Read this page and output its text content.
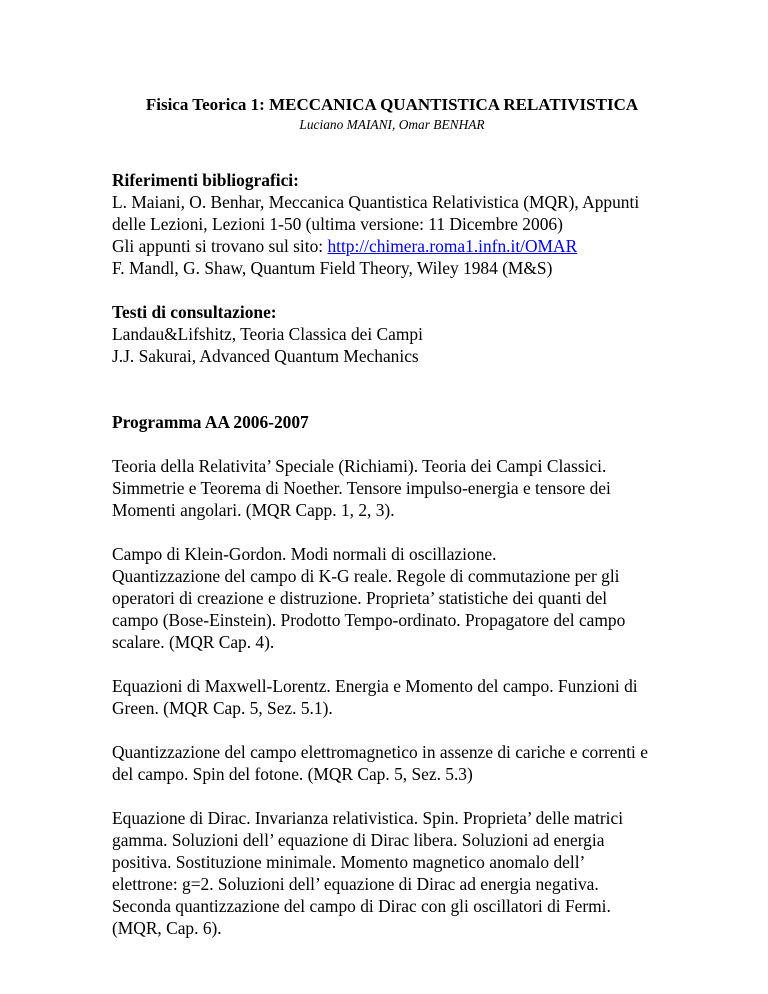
Fisica Teorica 1: MECCANICA QUANTISTICA RELATIVISTICA

Luciano MAIANI, Omar BENHAR

Riferimenti bibliografici:

L. Maiani, O. Benhar, Meccanica Quantistica Relativistica (MQR), Appunti

delle Lezioni, Lezioni 1-50 (ultima versione: 11 Dicembre 2006)

Gli appunti si trovano sul sito: http://chimera.roma1.infn.it/OMAR

F. Mandl, G. Shaw, Quantum Field Theory, Wiley 1984 (M&S)

Testi di consultazione:

Landau&Lifshitz, Teoria Classica dei Campi

J.J. Sakurai, Advanced Quantum Mechanics

Programma AA 2006-2007

Teoria della Relativita’ Speciale (Richiami). Teoria dei Campi Classici.
Simmetrie e Teorema di Noether. Tensore impulso-energia e tensore dei
Momenti angolari. (MQR Capp. 1, 2, 3).
Campo di Klein-Gordon. Modi normali di oscillazione.
Quantizzazione del campo di K-G reale. Regole di commutazione per gli
operatori di creazione e distruzione. Proprieta’ statistiche dei quanti del
campo (Bose-Einstein). Prodotto Tempo-ordinato. Propagatore del campo
scalare. (MQR Cap. 4).
Equazioni di Maxwell-Lorentz. Energia e Momento del campo. Funzioni di
Green. (MQR Cap. 5, Sez. 5.1).
Quantizzazione del campo elettromagnetico in assenze di cariche e correnti e
del campo. Spin del fotone. (MQR Cap. 5, Sez. 5.3)
Equazione di Dirac. Invarianza relativistica. Spin. Proprieta’ delle matrici
gamma. Soluzioni dell’ equazione di Dirac libera. Soluzioni ad energia
positiva. Sostituzione minimale. Momento magnetico anomalo dell’
elettrone: g=2. Soluzioni dell’ equazione di Dirac ad energia negativa.
Seconda quantizzazione del campo di Dirac con gli oscillatori di Fermi.
(MQR, Cap. 6).
